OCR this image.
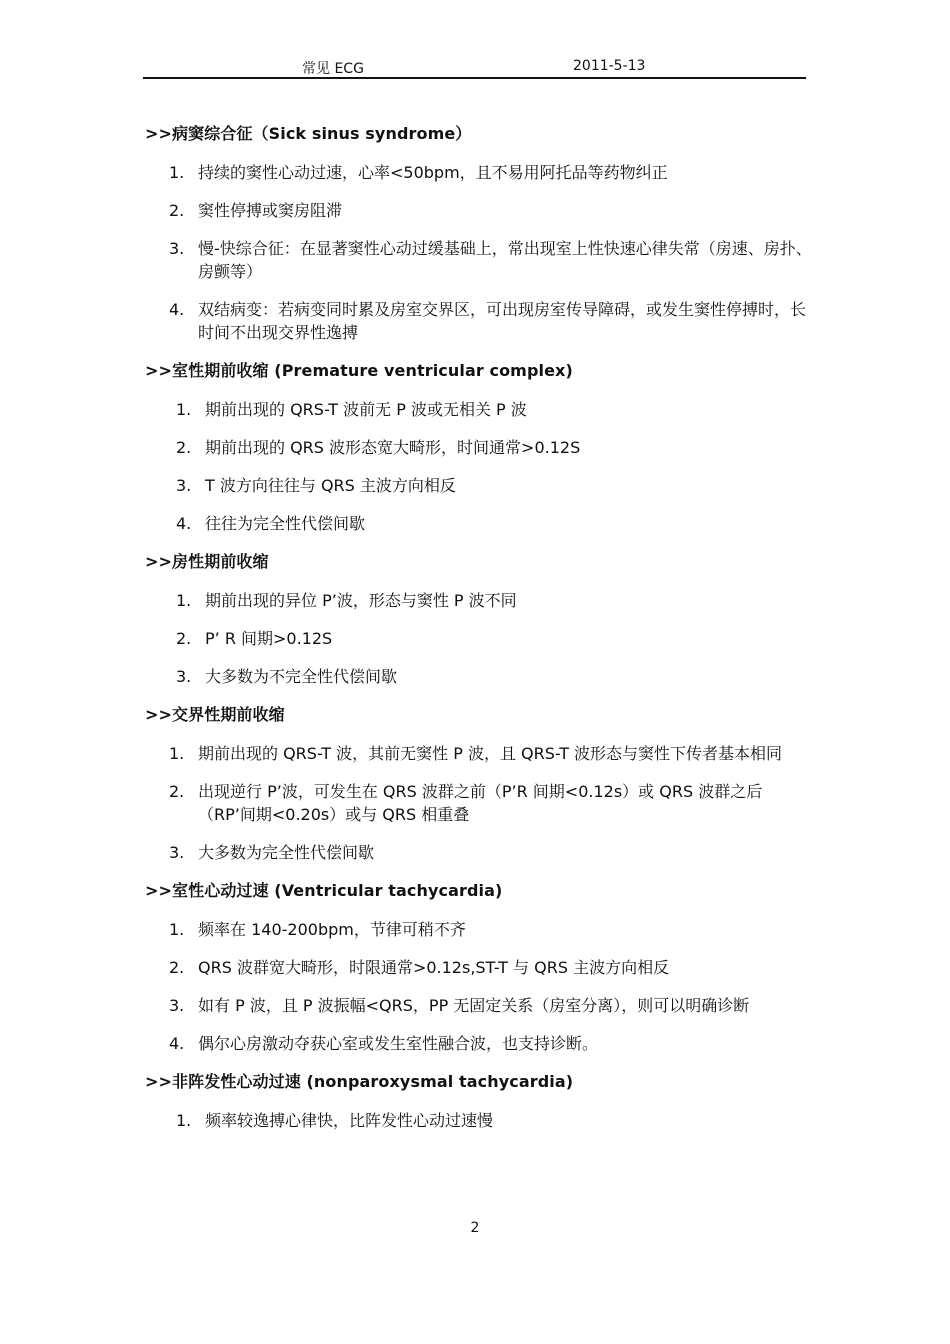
常见 ECG	2011-5-13
>>病窦综合征（Sick sinus syndrome）
1. 持续的窦性心动过速，心率<50bpm，且不易用阿托品等药物纠正
2. 窦性停搏或窦房阻滞
3. 慢-快综合征：在显著窦性心动过缓基础上，常出现室上性快速心律失常（房速、房扑、房颤等）
4. 双结病变：若病变同时累及房室交界区，可出现房室传导障碍，或发生窦性停搏时，长时间不出现交界性逸搏
>>室性期前收缩 (Premature ventricular complex)
1. 期前出现的 QRS-T 波前无 P 波或无相关 P 波
2. 期前出现的 QRS 波形态宽大畸形，时间通常>0.12S
3. T 波方向往往与 QRS 主波方向相反
4. 往往为完全性代偿间歇
>>房性期前收缩
1. 期前出现的异位 P’波，形态与窦性 P 波不同
2. P’ R 间期>0.12S
3. 大多数为不完全性代偿间歇
>>交界性期前收缩
1. 期前出现的 QRS-T 波，其前无窦性 P 波，且 QRS-T 波形态与窦性下传者基本相同
2. 出现逆行 P’波，可发生在 QRS 波群之前（P’R 间期<0.12s）或 QRS 波群之后（RP’间期<0.20s）或与 QRS 相重叠
3. 大多数为完全性代偿间歇
>>室性心动过速 (Ventricular tachycardia)
1. 频率在 140-200bpm，节律可稍不齐
2. QRS 波群宽大畸形，时限通常>0.12s,ST-T 与 QRS 主波方向相反
3. 如有 P 波，且 P 波振幅<QRS，PP 无固定关系（房室分离），则可以明确诊断
4. 偶尔心房激动夺获心室或发生室性融合波，也支持诊断。
>>非阵发性心动过速 (nonparoxysmal tachycardia)
1. 频率较逸搏心律快，比阵发性心动过速慢
2
